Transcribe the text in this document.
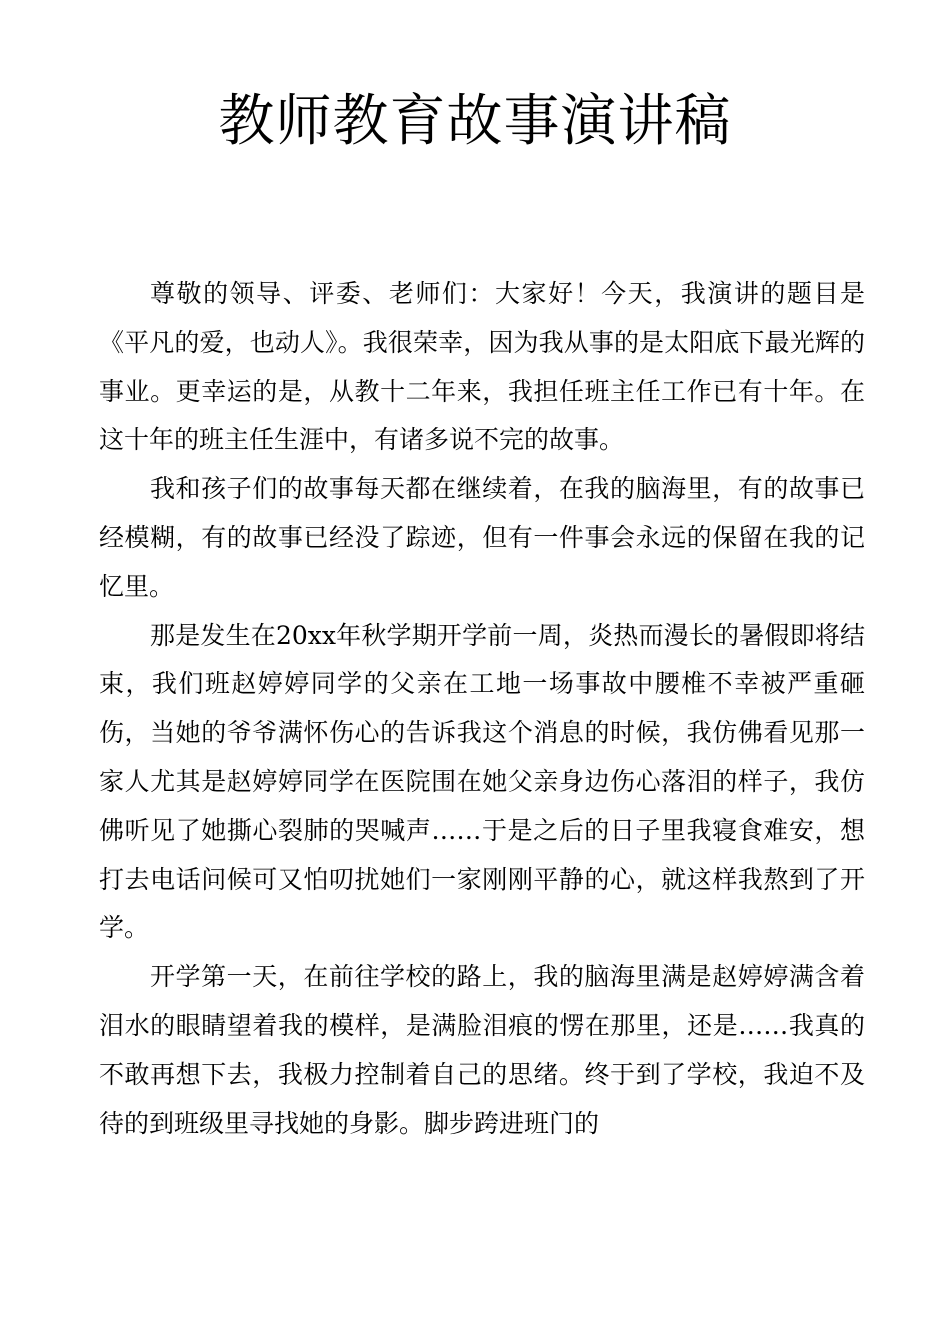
教师教育故事演讲稿

尊敬的领导、评委、老师们：大家好！今天，我演讲的题目是《平凡的爱，也动人》。我很荣幸，因为我从事的是太阳底下最光辉的事业。更幸运的是，从教十二年来，我担任班主任工作已有十年。在这十年的班主任生涯中，有诸多说不完的故事。

我和孩子们的故事每天都在继续着，在我的脑海里，有的故事已经模糊，有的故事已经没了踪迹，但有一件事会永远的保留在我的记忆里。

那是发生在20xx年秋学期开学前一周，炎热而漫长的暑假即将结束，我们班赵婷婷同学的父亲在工地一场事故中腰椎不幸被严重砸伤，当她的爷爷满怀伤心的告诉我这个消息的时候，我仿佛看见那一家人尤其是赵婷婷同学在医院围在她父亲身边伤心落泪的样子，我仿佛听见了她撕心裂肺的哭喊声……于是之后的日子里我寝食难安，想打去电话问候可又怕叨扰她们一家刚刚平静的心，就这样我熬到了开学。

开学第一天，在前往学校的路上，我的脑海里满是赵婷婷满含着泪水的眼睛望着我的模样，是满脸泪痕的愣在那里，还是……我真的不敢再想下去，我极力控制着自己的思绪。终于到了学校，我迫不及待的到班级里寻找她的身影。脚步跨进班门的
